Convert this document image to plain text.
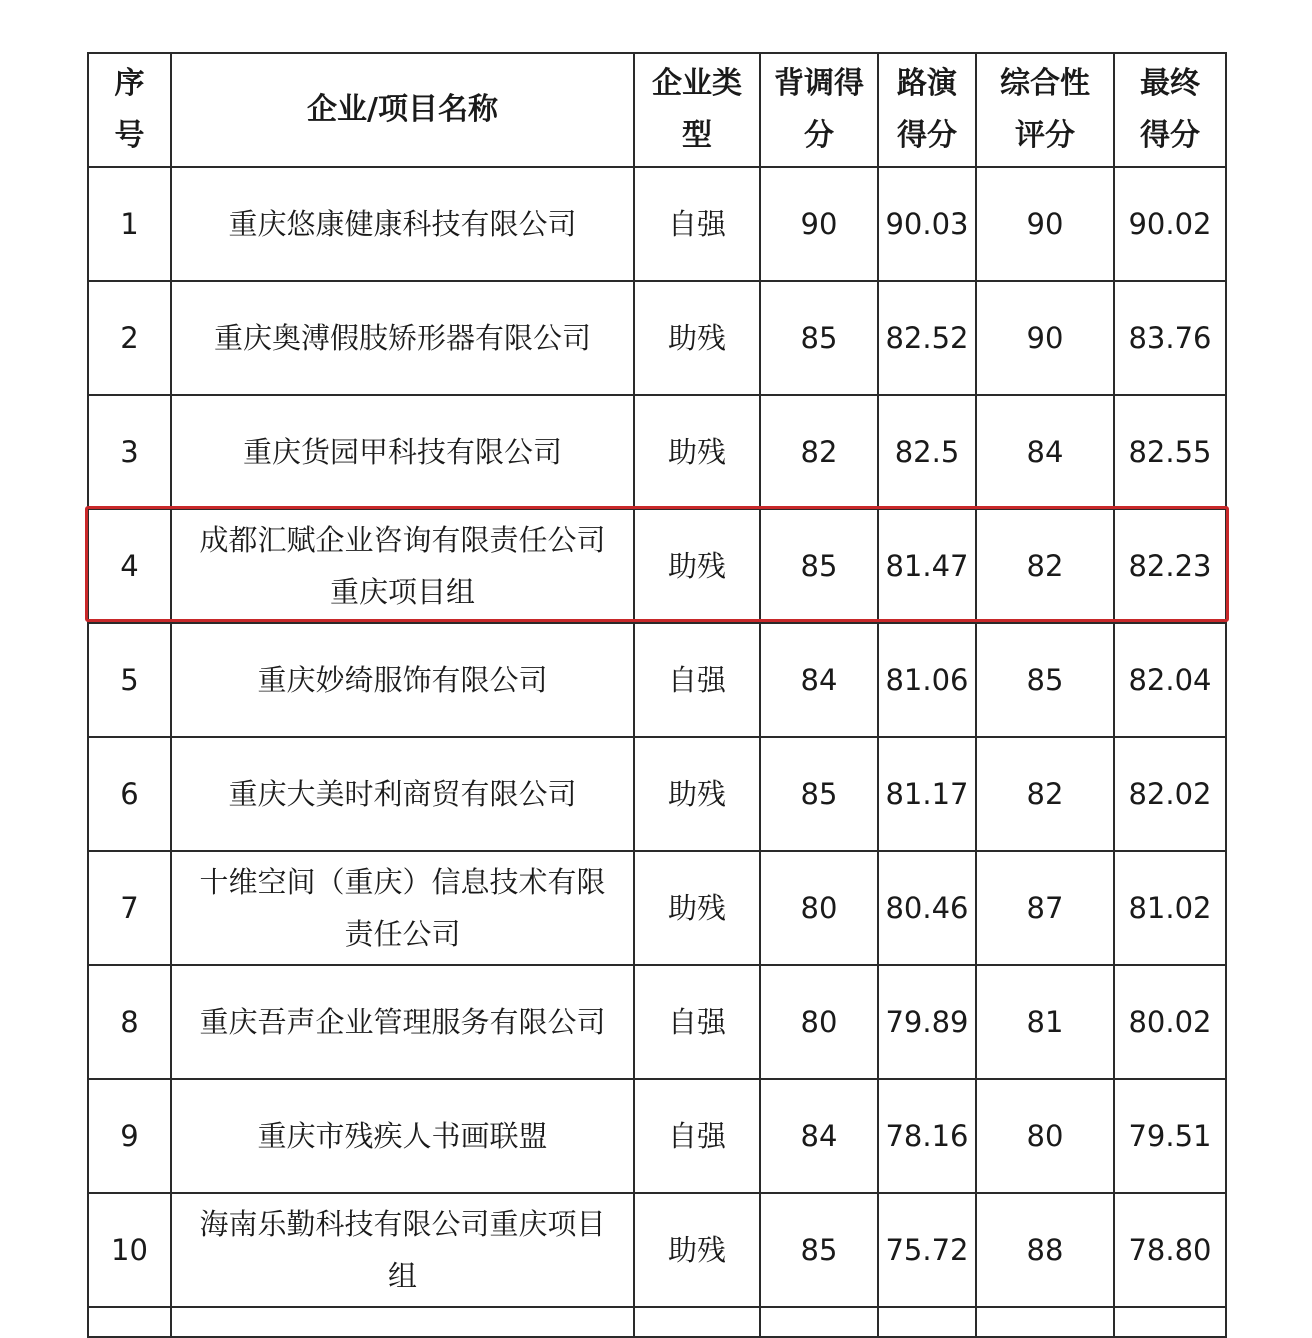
序号	企业/项目名称	企业类型	背调得分	路演得分	综合性评分	最终得分

1	重庆悠康健康科技有限公司	自强	90	90.03	90	90.02

2	重庆奥溥假肢矫形器有限公司	助残	85	82.52	90	83.76

3	重庆货园甲科技有限公司	助残	82	82.5	84	82.55

4	成都汇赋企业咨询有限责任公司重庆项目组	助残	85	81.47	82	82.23

5	重庆妙绮服饰有限公司	自强	84	81.06	85	82.04

6	重庆大美时利商贸有限公司	助残	85	81.17	82	82.02

7	十维空间（重庆）信息技术有限责任公司	助残	80	80.46	87	81.02

8	重庆吾声企业管理服务有限公司	自强	80	79.89	81	80.02

9	重庆市残疾人书画联盟	自强	84	78.16	80	79.51

10	海南乐勤科技有限公司重庆项目组	助残	85	75.72	88	78.80
